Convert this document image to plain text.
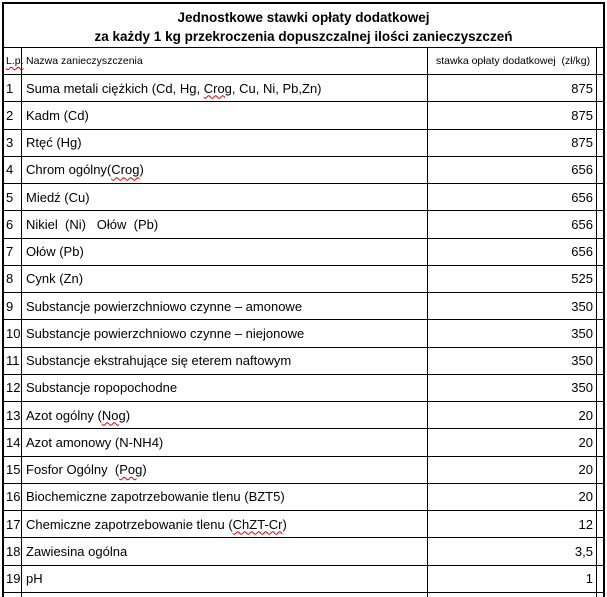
Jednostkowe stawki opłaty dodatkowej
za każdy 1 kg przekroczenia dopuszczalnej ilości zanieczyszczeń
L.p. Nazwa zanieczyszczenia	stawka opłaty dodatkowej  (zł/kg)
1 Suma metali ciężkich (Cd, Hg, Crog , Cu, Ni, Pb,Zn)	875
2 Kadm (Cd)	875
3 Rtęć (Hg)	875
4 Chrom ogólny( Crog )	656
5 Miedź (Cu)	656
6 Nikiel  (Ni)   Ołów  (Pb)	656
7 Ołów (Pb)	656
8 Cynk (Zn)	525
9 Substancje powierzchniowo czynne – amonowe	350
10 Substancje powierzchniowo czynne – niejonowe	350
11 Substancje ekstrahujące się eterem naftowym	350
12 Substancje ropopochodne	350
13 Azot ogólny ( Nog )	20
14 Azot amonowy (N-NH4)	20
15 Fosfor Ogólny  ( Pog )	20
16 Biochemiczne zapotrzebowanie tlenu (BZT5)	20
17 Chemiczne zapotrzebowanie tlenu ( ChZT-Cr )	12
18 Zawiesina ogólna	3,5
19 pH	1
